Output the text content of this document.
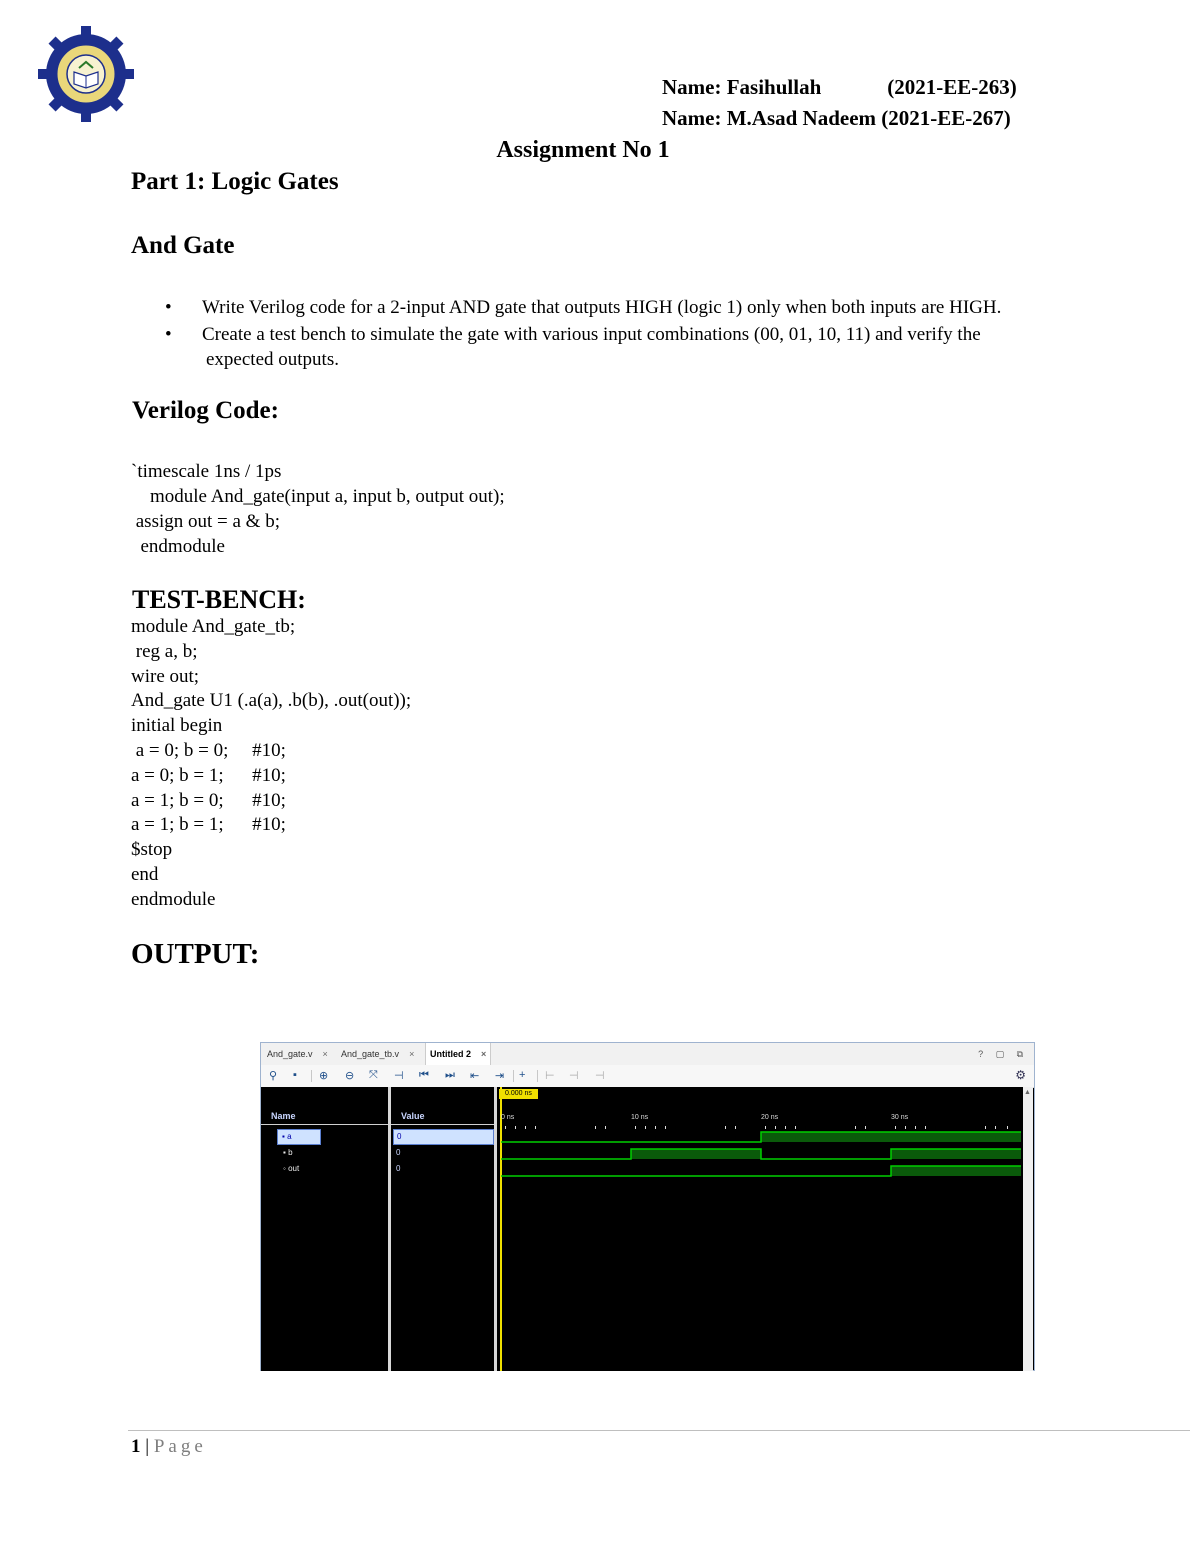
Name: Fasihullah	(2021-EE-263)
Name: M.Asad Nadeem (2021-EE-267)
Assignment No 1
Part 1: Logic Gates
And Gate
• Write Verilog code for a 2-input AND gate that outputs HIGH (logic 1) only when both inputs are HIGH.
• Create a test bench to simulate the gate with various input combinations (00, 01, 10, 11) and verify the
expected outputs.
Verilog Code:
`timescale 1ns / 1ps
module And_gate(input a, input b, output out);
assign out = a & b;
endmodule
TEST-BENCH:
module And_gate_tb;
reg a, b;
wire out;
And_gate U1 (.a(a), .b(b), .out(out));
initial begin
a = 0; b = 0;     #10;
a = 0; b = 1;      #10;
a = 1; b = 0;      #10;
a = 1; b = 1;      #10;
$stop
end
endmodule
OUTPUT:
And_gate.v ×	And_gate_tb.v ×	Untitled 2 ×	? ▢ ⧉
⚲ ▪ ⊕ ⊖ ⤧ ⊣ ⏮ ⏭ ⇤ ⇥ + ⊢ ⊣ ⊣	⚙
Name
▪ a
▪ b
◦ out
Value
0
0
0
0.000 ns
0 ns	10 ns	20 ns	30 ns
▲
1 | Page
